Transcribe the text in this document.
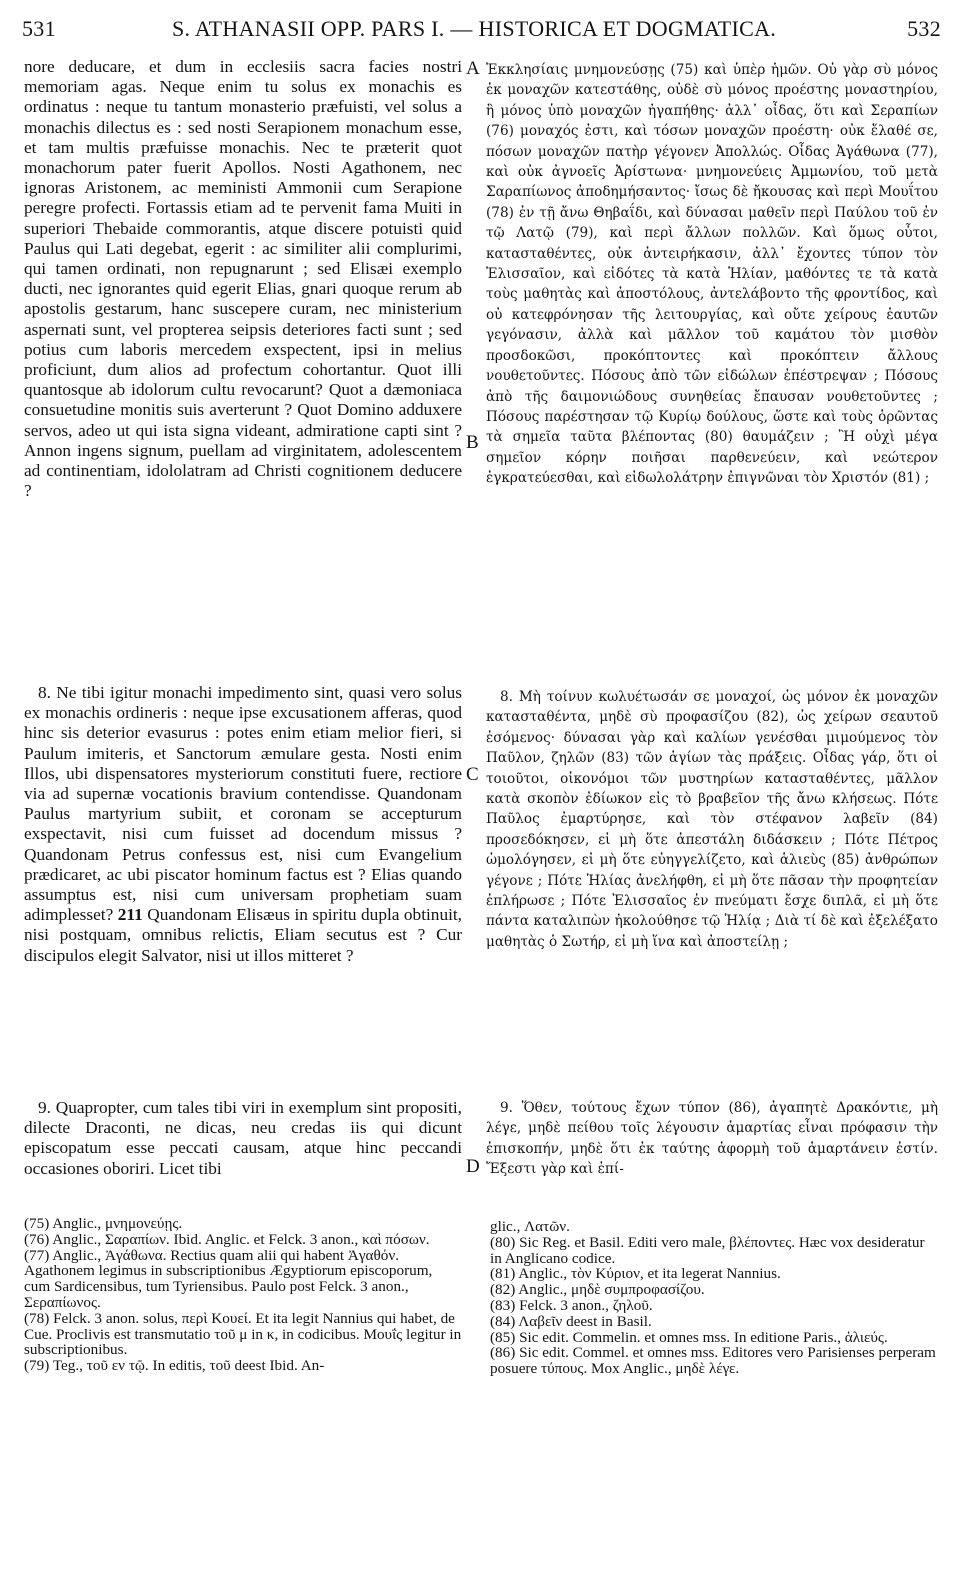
531	S. ATHANASII OPP. PARS I. — HISTORICA ET DOGMATICA.	532

nore deducare, et dum in ecclesiis sacra facies nostri memoriam agas. Neque enim tu solus ex monachis es ordinatus : neque tu tantum monasterio præfuisti, vel solus a monachis dilectus es : sed nosti Serapionem monachum esse, et tam multis præfuisse monachis. Nec te præterit quot monachorum pater fuerit Apollos. Nosti Agathonem, nec ignoras Aristonem, ac meministi Ammonii cum Serapione peregre profecti. Fortassis etiam ad te pervenit fama Muiti in superiori Thebaide commorantis, atque discere potuisti quid Paulus qui Lati degebat, egerit : ac similiter alii complurimi, qui tamen ordinati, non repugnarunt ; sed Elisæi exemplo ducti, nec ignorantes quid egerit Elias, gnari quoque rerum ab apostolis gestarum, hanc suscepere curam, nec ministerium aspernati sunt, vel propterea seipsis deteriores facti sunt ; sed potius cum laboris mercedem exspectent, ipsi in melius proficiunt, dum alios ad profectum cohortantur. Quot illi quantosque ab idolorum cultu revocarunt? Quot a dæmoniaca consuetudine monitis suis averterunt ? Quot Domino adduxere servos, adeo ut qui ista signa videant, admiratione capti sint ? Annon ingens signum, puellam ad virginitatem, adolescentem ad continentiam, idololatram ad Christi cognitionem deducere ?

8. Ne tibi igitur monachi impedimento sint, quasi vero solus ex monachis ordineris : neque ipse excusationem afferas, quod hinc sis deterior evasurus : potes enim etiam melior fieri, si Paulum imiteris, et Sanctorum æmulare gesta. Nosti enim Illos, ubi dispensatores mysteriorum constituti fuere, rectiore via ad supernæ vocationis bravium contendisse. Quandonam Paulus martyrium subiit, et coronam se accepturum exspectavit, nisi cum fuisset ad docendum missus ? Quandonam Petrus confessus est, nisi cum Evangelium prædicaret, ac ubi piscator hominum factus est ? Elias quando assumptus est, nisi cum universam prophetiam suam adimplesset? 211 Quandonam Elisæus in spiritu dupla obtinuit, nisi postquam, omnibus relictis, Eliam secutus est ? Cur discipulos elegit Salvator, nisi ut illos mitteret ?

9. Quapropter, cum tales tibi viri in exemplum sint propositi, dilecte Draconti, ne dicas, neu credas iis qui dicunt episcopatum esse peccati causam, atque hinc peccandi occasiones oboriri. Licet tibi

A
B
C
D

Ἐκκλησίαις μνημονεύσῃς (75) καὶ ὑπὲρ ἡμῶν. Οὐ γὰρ σὺ μόνος ἐκ μοναχῶν κατεστάθης, οὐδὲ σὺ μόνος προέστης μοναστηρίου, ἢ μόνος ὑπὸ μοναχῶν ἠγαπήθης· ἀλλ᾽ οἶδας, ὅτι καὶ Σεραπίων (76) μοναχός ἐστι, καὶ τόσων μοναχῶν προέστη· οὐκ ἔλαθέ σε, πόσων μοναχῶν πατὴρ γέγονεν Ἀπολλώς. Οἶδας Ἀγάθωνα (77), καὶ οὐκ ἀγνοεῖς Ἀρίστωνα· μνημονεύεις Ἀμμωνίου, τοῦ μετὰ Σαραπίωνος ἀποδημήσαντος· ἴσως δὲ ἤκουσας καὶ περὶ Μουΐτου (78) ἐν τῇ ἄνω Θηβαΐδι, καὶ δύνασαι μαθεῖν περὶ Παύλου τοῦ ἐν τῷ Λατῷ (79), καὶ περὶ ἄλλων πολλῶν. Καὶ ὅμως οὗτοι, κατασταθέντες, οὐκ ἀντειρήκασιν, ἀλλ᾽ ἔχοντες τύπον τὸν Ἐλισσαῖον, καὶ εἰδότες τὰ κατὰ Ἡλίαν, μαθόντες τε τὰ κατὰ τοὺς μαθητὰς καὶ ἀποστόλους, ἀντελάβοντο τῆς φροντίδος, καὶ οὐ κατεφρόνησαν τῆς λειτουργίας, καὶ οὔτε χείρους ἑαυτῶν γεγόνασιν, ἀλλὰ καὶ μᾶλλον τοῦ καμάτου τὸν μισθὸν προσδοκῶσι, προκόπτοντες καὶ προκόπτειν ἄλλους νουθετοῦντες. Πόσους ἀπὸ τῶν εἰδώλων ἐπέστρεψαν ; Πόσους ἀπὸ τῆς δαιμονιώδους συνηθείας ἔπαυσαν νουθετοῦντες ; Πόσους παρέστησαν τῷ Κυρίῳ δούλους, ὥστε καὶ τοὺς ὁρῶντας τὰ σημεῖα ταῦτα βλέποντας (80) θαυμάζειν ; Ἢ οὐχὶ μέγα σημεῖον κόρην ποιῆσαι παρθενεύειν, καὶ νεώτερον ἐγκρατεύεσθαι, καὶ εἰδωλολάτρην ἐπιγνῶναι τὸν Χριστόν (81) ;

8. Μὴ τοίνυν κωλυέτωσάν σε μοναχοί, ὡς μόνον ἐκ μοναχῶν κατασταθέντα, μηδὲ σὺ προφασίζου (82), ὡς χείρων σεαυτοῦ ἐσόμενος· δύνασαι γὰρ καὶ καλίων γενέσθαι μιμούμενος τὸν Παῦλον, ζηλῶν (83) τῶν ἁγίων τὰς πράξεις. Οἶδας γάρ, ὅτι οἱ τοιοῦτοι, οἰκονόμοι τῶν μυστηρίων κατασταθέντες, μᾶλλον κατὰ σκοπὸν ἐδίωκον εἰς τὸ βραβεῖον τῆς ἄνω κλήσεως. Πότε Παῦλος ἐμαρτύρησε, καὶ τὸν στέφανον λαβεῖν (84) προσεδόκησεν, εἰ μὴ ὅτε ἀπεστάλη διδάσκειν ; Πότε Πέτρος ὡμολόγησεν, εἰ μὴ ὅτε εὐηγγελίζετο, καὶ ἁλιεὺς (85) ἀνθρώπων γέγονε ; Πότε Ἡλίας ἀνελήφθη, εἰ μὴ ὅτε πᾶσαν τὴν προφητείαν ἐπλήρωσε ; Πότε Ἐλισσαῖος ἐν πνεύματι ἔσχε διπλᾶ, εἰ μὴ ὅτε πάντα καταλιπὼν ἠκολούθησε τῷ Ἡλίᾳ ; Διὰ τί δὲ καὶ ἐξελέξατο μαθητὰς ὁ Σωτήρ, εἰ μὴ ἵνα καὶ ἀποστείλῃ ;

9. Ὅθεν, τούτους ἔχων τύπον (86), ἀγαπητὲ Δρακόντιε, μὴ λέγε, μηδὲ πείθου τοῖς λέγουσιν ἁμαρτίας εἶναι πρόφασιν τὴν ἐπισκοπήν, μηδὲ ὅτι ἐκ ταύτης ἀφορμὴ τοῦ ἁμαρτάνειν ἐστίν. Ἔξεστι γὰρ καὶ ἐπί-

(75) Anglic., μνημονεύῃς.

(76) Anglic., Σαραπίων. Ibid. Anglic. et Felck. 3 anon., καὶ πόσων.

(77) Anglic., Ἀγάθωνα. Rectius quam alii qui habent Ἀγαθόν. Agathonem legimus in subscriptionibus Ægyptiorum episcoporum, cum Sardicensibus, tum Tyriensibus. Paulo post Felck. 3 anon., Σεραπίωνος.

(78) Felck. 3 anon. solus, περὶ Κουεί. Et ita legit Nannius qui habet, de Cue. Proclivis est transmutatio τοῦ μ in κ, in codicibus. Μουΐς legitur in subscriptionibus.

(79) Teg., τοῦ εν τῷ. In editis, τοῦ deest Ibid. An-

glic., Λατῶν.

(80) Sic Reg. et Basil. Editi vero male, βλέποντες. Hæc vox desideratur in Anglicano codice.

(81) Anglic., τὸν Κύριον, et ita legerat Nannius.

(82) Anglic., μηδὲ συμπροφασίζου.

(83) Felck. 3 anon., ζηλοῦ.

(84) Λαβεῖν deest in Basil.

(85) Sic edit. Commelin. et omnes mss. In editione Paris., ἁλιεύς.

(86) Sic edit. Commel. et omnes mss. Editores vero Parisienses perperam posuere τύπους. Mox Anglic., μηδὲ λέγε.
